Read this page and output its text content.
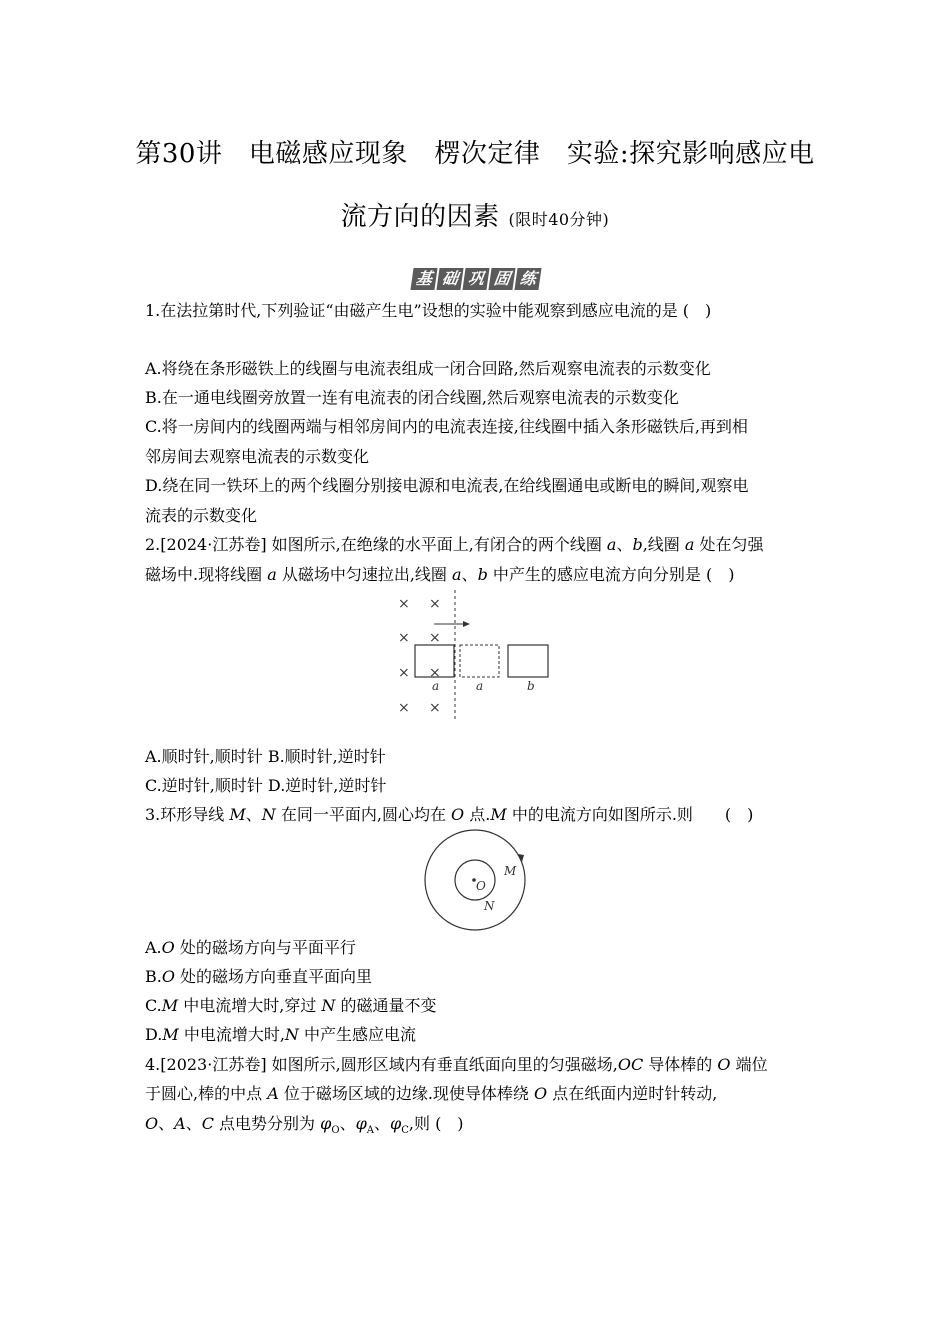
第30讲　电磁感应现象　楞次定律　实验:探究影响感应电
流方向的因素 (限时40分钟)
基 础 巩 固 练
1.在法拉第时代,下列验证“由磁产生电”设想的实验中能观察到感应电流的是 (　)
A.将绕在条形磁铁上的线圈与电流表组成一闭合回路,然后观察电流表的示数变化
B.在一通电线圈旁放置一连有电流表的闭合线圈,然后观察电流表的示数变化
C.将一房间内的线圈两端与相邻房间内的电流表连接,往线圈中插入条形磁铁后,再到相
邻房间去观察电流表的示数变化
D.绕在同一铁环上的两个线圈分别接电源和电流表,在给线圈通电或断电的瞬间,观察电
流表的示数变化
2.[2024·江苏卷] 如图所示,在绝缘的水平面上,有闭合的两个线圈 a、b,线圈 a 处在匀强
磁场中.现将线圈 a 从磁场中匀速拉出,线圈 a、b 中产生的感应电流方向分别是 (　)
× ×
× ×
× ×
× ×
a	a	b
A.顺时针,顺时针 B.顺时针,逆时针
C.逆时针,顺时针 D.逆时针,逆时针
3.环形导线 M、N 在同一平面内,圆心均在 O 点.M 中的电流方向如图所示.则　　(　)
O
M
N
A.O 处的磁场方向与平面平行
B.O 处的磁场方向垂直平面向里
C.M 中电流增大时,穿过 N 的磁通量不变
D.M 中电流增大时,N 中产生感应电流
4.[2023·江苏卷] 如图所示,圆形区域内有垂直纸面向里的匀强磁场,OC 导体棒的 O 端位
于圆心,棒的中点 A 位于磁场区域的边缘.现使导体棒绕 O 点在纸面内逆时针转动,
O、A、C 点电势分别为 $\varphi_O$、$\varphi_A$、$\varphi_C$,则 (　)
